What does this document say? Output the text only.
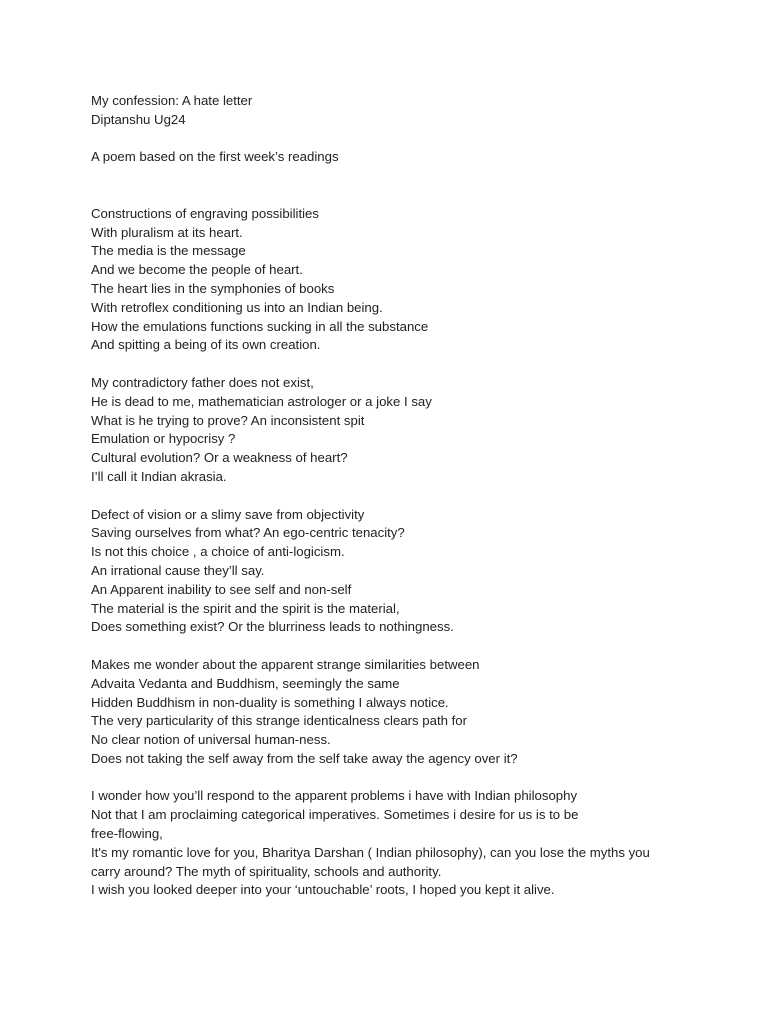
My confession: A hate letter

Diptanshu Ug24

A poem based on the first week’s readings

Constructions of engraving possibilities

With pluralism at its heart.

The media is the message

And we become the people of heart.

The heart lies in the symphonies of books

With retroflex conditioning us into an Indian being.

How the emulations functions sucking in all the substance

And spitting a being of its own creation.

My contradictory father does not exist,

He is dead to me, mathematician astrologer or a joke I say

What is he trying to prove? An inconsistent spit

Emulation or hypocrisy ?

Cultural evolution? Or a weakness of heart?

I’ll call it Indian akrasia.

Defect of vision or a slimy save from objectivity

Saving ourselves from what? An ego-centric tenacity?

Is not this choice , a choice of anti-logicism.

An irrational cause they’ll say.

An Apparent inability to see self and non-self

The material is the spirit and the spirit is the material,

Does something exist? Or the blurriness leads to nothingness.

Makes me wonder about the apparent strange similarities between

Advaita Vedanta and Buddhism, seemingly the same

Hidden Buddhism in non-duality is something I always notice.

The very particularity of this strange identicalness clears path for

No clear notion of universal human-ness.

Does not taking the self away from the self take away the agency over it?

I wonder how you’ll respond to the apparent problems i have with Indian philosophy

Not that I am proclaiming categorical imperatives. Sometimes i desire for us is to be

free-flowing,

It's my romantic love for you, Bharitya Darshan ( Indian philosophy), can you lose the myths you

carry around? The myth of spirituality, schools and authority.

I wish you looked deeper into your ‘untouchable’ roots, I hoped you kept it alive.
